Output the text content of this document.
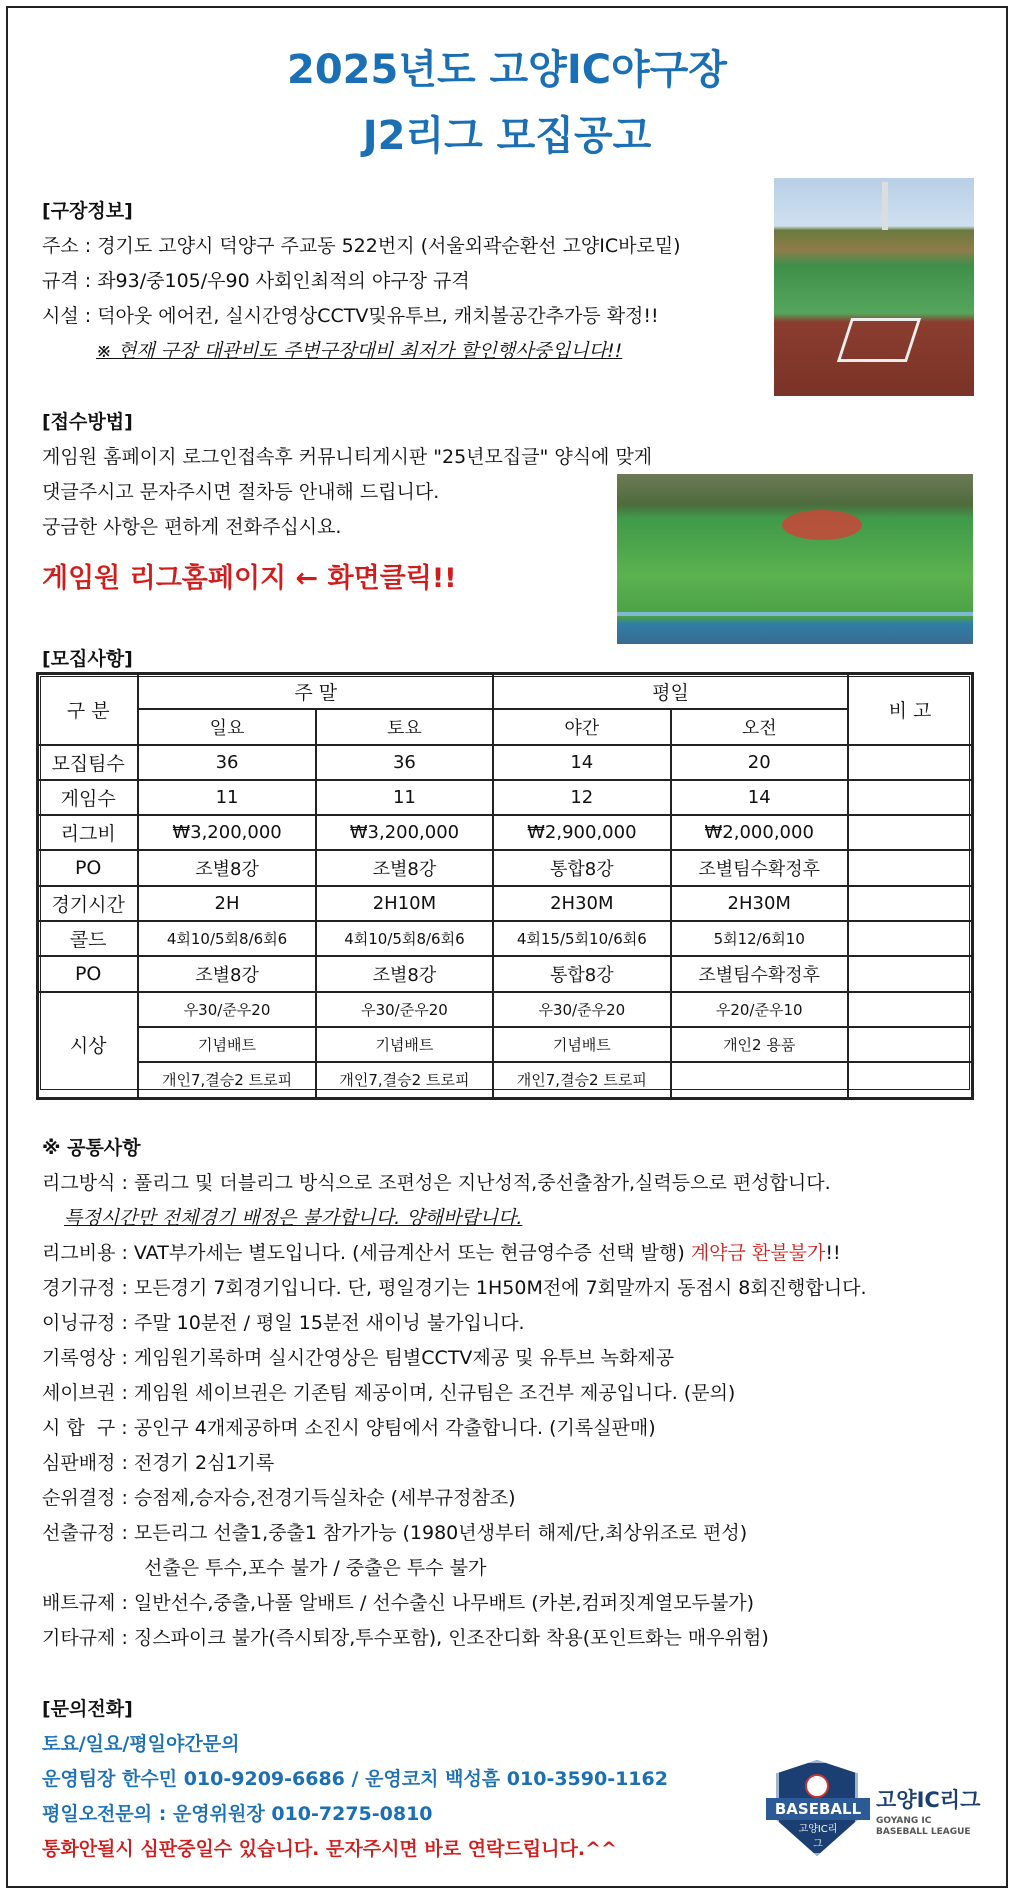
2025년도 고양IC야구장
J2리그 모집공고
[구장정보]
주소 : 경기도 고양시 덕양구 주교동 522번지 (서울외곽순환선 고양IC바로밑)
규격 : 좌93/중105/우90 사회인최적의 야구장 규격
시설 : 덕아웃 에어컨, 실시간영상CCTV및유투브, 캐치볼공간추가등 확정!!
※ 현재 구장 대관비도 주변구장대비 최저가 할인행사중입니다!!
[접수방법]
게임원 홈페이지 로그인접속후 커뮤니티게시판 "25년모집글" 양식에 맞게
댓글주시고 문자주시면 절차등 안내해 드립니다.
궁금한 사항은 편하게 전화주십시요.
게임원 리그홈페이지 ← 화면클릭!!
[모집사항]
구 분	주 말		평일		비 고
	일요	토요	야간	오전	
모집팀수	36	36	14	20	
게임수	11	11	12	14	
리그비	₩3,200,000	₩3,200,000	₩2,900,000	₩2,000,000	
PO	조별8강	조별8강	통합8강	조별팀수확정후	
경기시간	2H	2H10M	2H30M	2H30M	
콜드	4회10/5회8/6회6	4회10/5회8/6회6	4회15/5회10/6회6	5회12/6회10	
PO	조별8강	조별8강	통합8강	조별팀수확정후	
시상	우30/준우20	우30/준우20	우30/준우20	우20/준우10	
	기념배트	기념배트	기념배트	개인2 용품	
	개인7,결승2 트로피	개인7,결승2 트로피	개인7,결승2 트로피		
※ 공통사항
리그방식 : 풀리그 및 더블리그 방식으로 조편성은 지난성적,중선출참가,실력등으로 편성합니다.
특정시간만 전체경기 배정은 불가합니다. 양해바랍니다.
리그비용 : VAT부가세는 별도입니다. (세금계산서 또는 현금영수증 선택 발행) 계약금 환불불가!!
경기규정 : 모든경기 7회경기입니다. 단, 평일경기는 1H50M전에 7회말까지 동점시 8회진행합니다.
이닝규정 : 주말 10분전 / 평일 15분전 새이닝 불가입니다.
기록영상 : 게임원기록하며 실시간영상은 팀별CCTV제공 및 유투브 녹화제공
세이브권 : 게임원 세이브권은 기존팀 제공이며, 신규팀은 조건부 제공입니다. (문의)
시 합  구 : 공인구 4개제공하며 소진시 양팀에서 각출합니다. (기록실판매)
심판배정 : 전경기 2심1기록
순위결정 : 승점제,승자승,전경기득실차순 (세부규정참조)
선출규정 : 모든리그 선출1,중출1 참가가능 (1980년생부터 해제/단,최상위조로 편성)
선출은 투수,포수 불가 / 중출은 투수 불가
배트규제 : 일반선수,중출,나풀 알배트 / 선수출신 나무배트 (카본,컴퍼짓계열모두불가)
기타규제 : 징스파이크 불가(즉시퇴장,투수포함), 인조잔디화 착용(포인트화는 매우위험)
[문의전화]
토요/일요/평일야간문의
운영팀장 한수민 010-9209-6686 / 운영코치 백성흠 010-3590-1162
평일오전문의 : 운영위원장 010-7275-0810
통화안될시 심판중일수 있습니다. 문자주시면 바로 연락드립니다.^^
BASEBALL
고양IC리그
고양IC리그
GOYANG IC
BASEBALL LEAGUE
